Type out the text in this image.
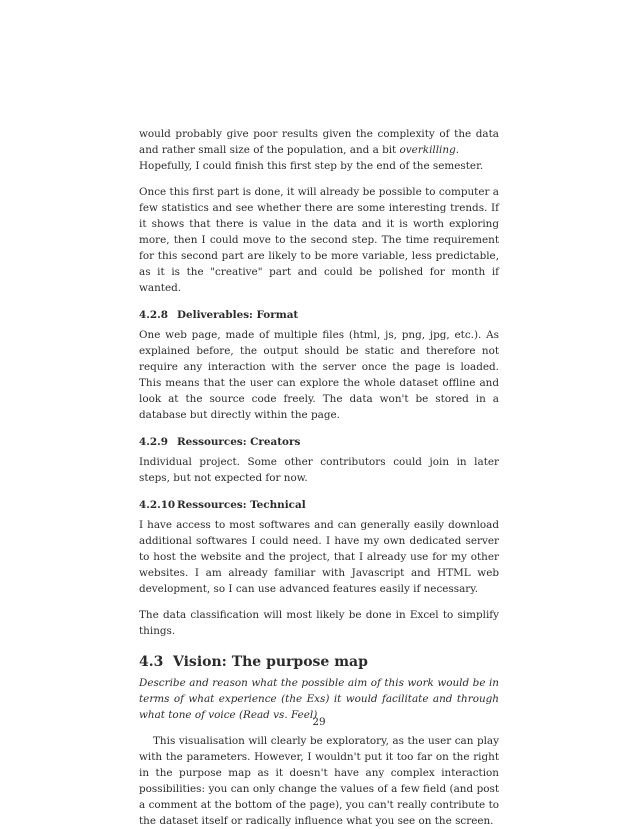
would probably give poor results given the complexity of the data and rather small size of the population, and a bit overkilling.

Hopefully, I could finish this first step by the end of the semester.

Once this first part is done, it will already be possible to computer a few statistics and see whether there are some interesting trends. If it shows that there is value in the data and it is worth exploring more, then I could move to the second step. The time requirement for this second part are likely to be more variable, less predictable, as it is the "creative" part and could be polished for month if wanted.

4.2.8 Deliverables: Format

One web page, made of multiple files (html, js, png, jpg, etc.). As explained before, the output should be static and therefore not require any interaction with the server once the page is loaded. This means that the user can explore the whole dataset offline and look at the source code freely. The data won't be stored in a database but directly within the page.

4.2.9 Ressources: Creators

Individual project. Some other contributors could join in later steps, but not expected for now.

4.2.10 Ressources: Technical

I have access to most softwares and can generally easily download additional softwares I could need. I have my own dedicated server to host the website and the project, that I already use for my other websites. I am already familiar with Javascript and HTML web development, so I can use advanced features easily if necessary.

The data classification will most likely be done in Excel to simplify things.

4.3 Vision: The purpose map

Describe and reason what the possible aim of this work would be in terms of what experience (the Exs) it would facilitate and through what tone of voice (Read vs. Feel)

This visualisation will clearly be exploratory, as the user can play with the parameters. However, I wouldn't put it too far on the right in the purpose map as it doesn't have any complex interaction possibilities: you can only change the values of a few field (and post a comment at the bottom of the page), you can't really contribute to the dataset itself or radically influence what you see on the screen.

29
